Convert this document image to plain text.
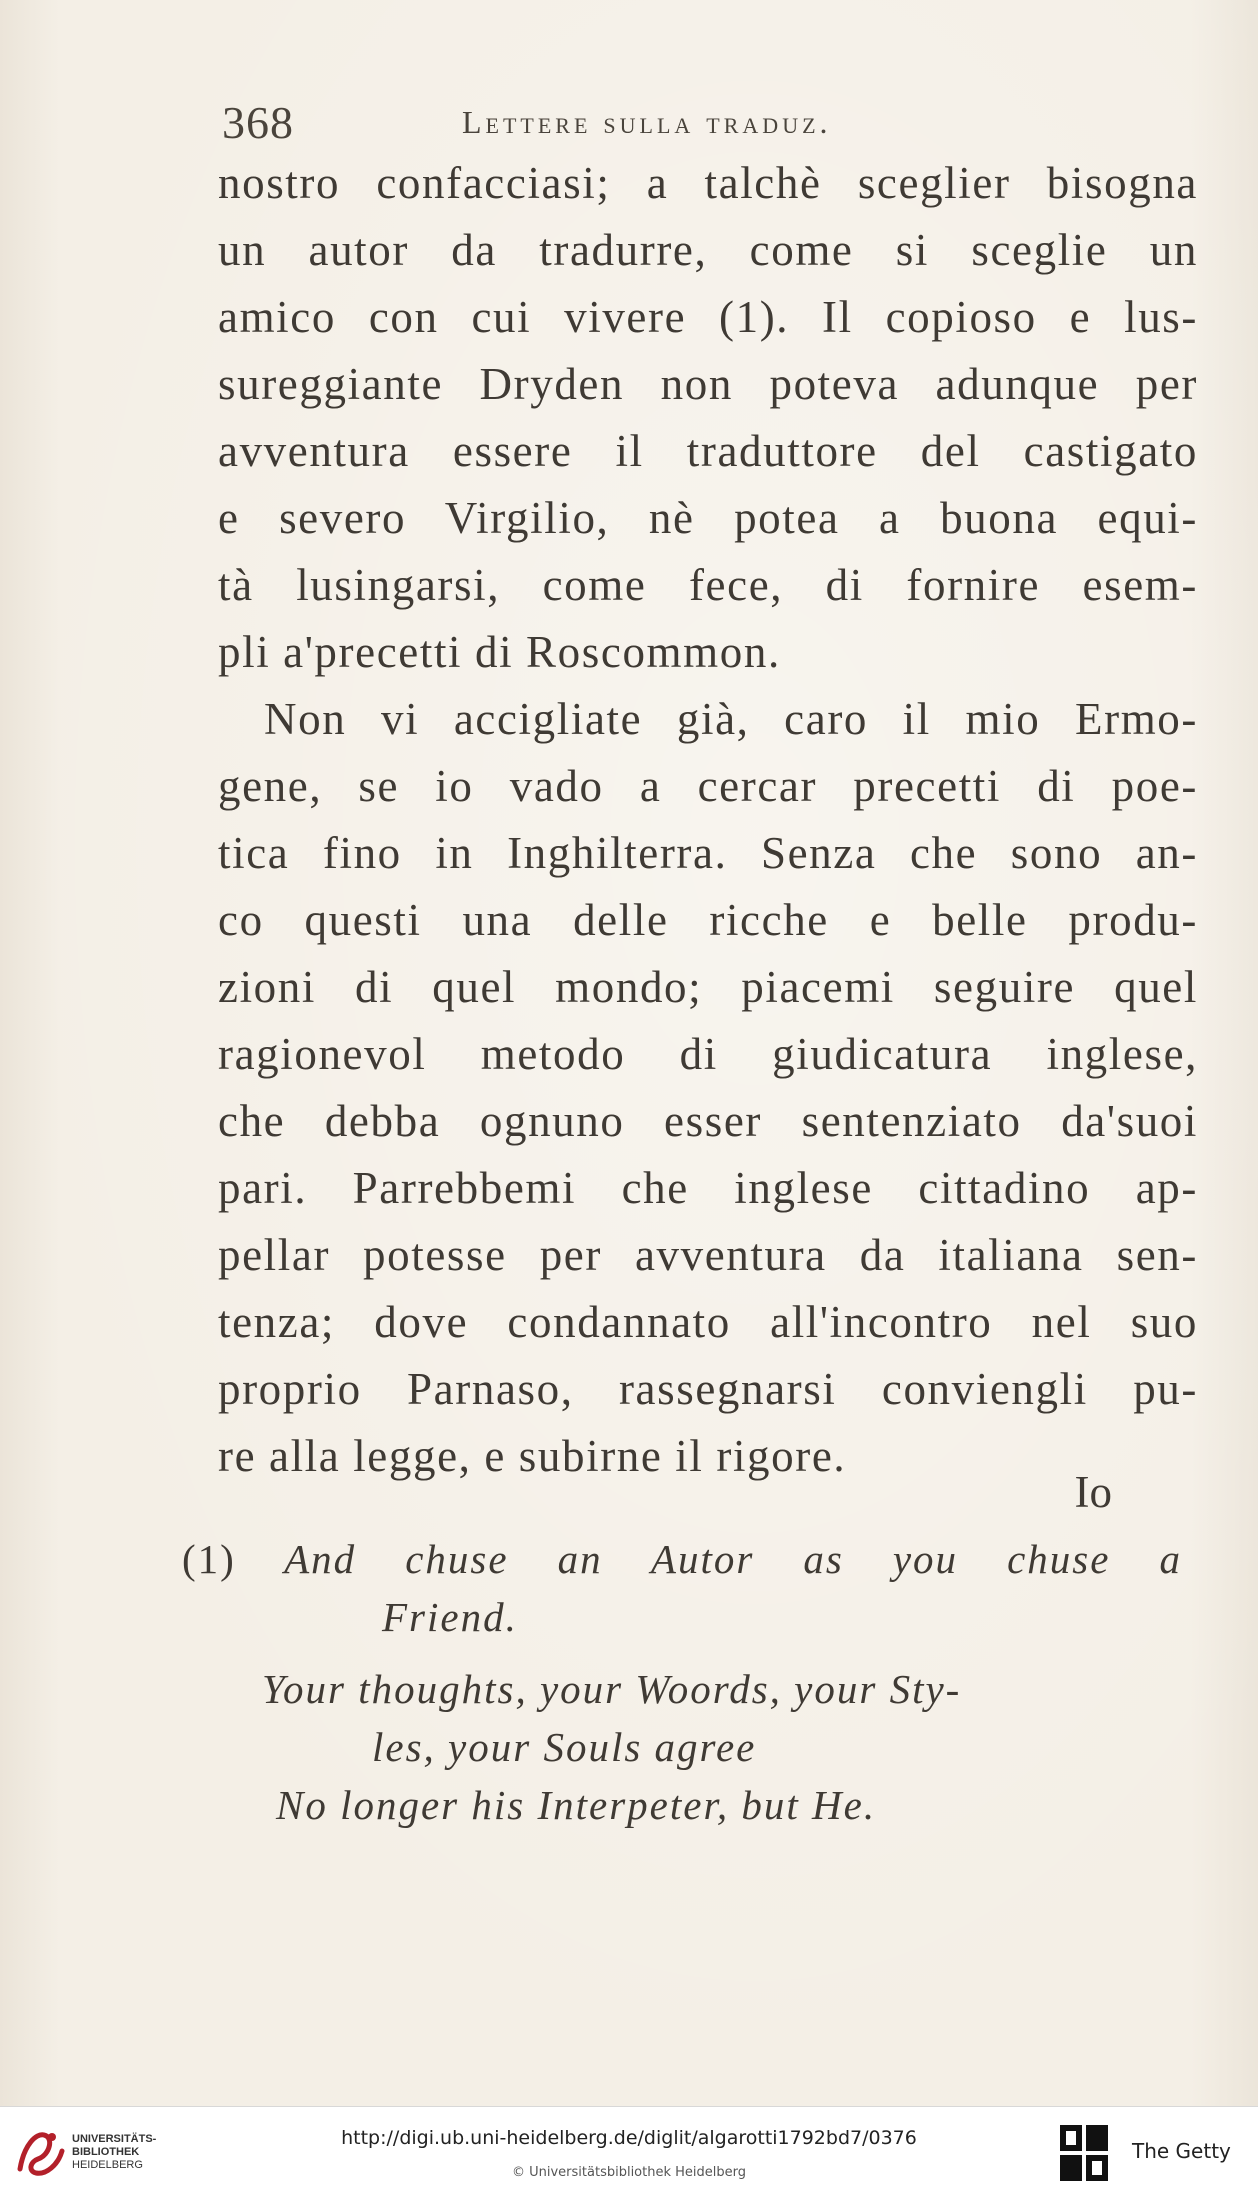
368	Lettere sulla traduz.
nostro confacciasi; a talchè sceglier bisogna
un autor da tradurre, come si sceglie un
amico con cui vivere (1). Il copioso e lus-
sureggiante Dryden non poteva adunque per
avventura essere il traduttore del castigato
e severo Virgilio, nè potea a buona equi-
tà lusingarsi, come fece, di fornire esem-
pli a'precetti di Roscommon.
Non vi accigliate già, caro il mio Ermo-
gene, se io vado a cercar precetti di poe-
tica fino in Inghilterra. Senza che sono an-
co questi una delle ricche e belle produ-
zioni di quel mondo; piacemi seguire quel
ragionevol metodo di giudicatura inglese,
che debba ognuno esser sentenziato da'suoi
pari. Parrebbemi che inglese cittadino ap-
pellar potesse per avventura da italiana sen-
tenza; dove condannato all'incontro nel suo
proprio Parnaso, rassegnarsi conviengli pu-
re alla legge, e subirne il rigore.
Io
(1) And chuse an Autor as you chuse a
Friend.
Your thoughts, your Woords, your Sty-
les, your Souls agree
No longer his Interpeter, but He.
UNIVERSITÄTS-
BIBLIOTHEK
HEIDELBERG
http://digi.ub.uni-heidelberg.de/diglit/algarotti1792bd7/0376
© Universitätsbibliothek Heidelberg
The Getty
